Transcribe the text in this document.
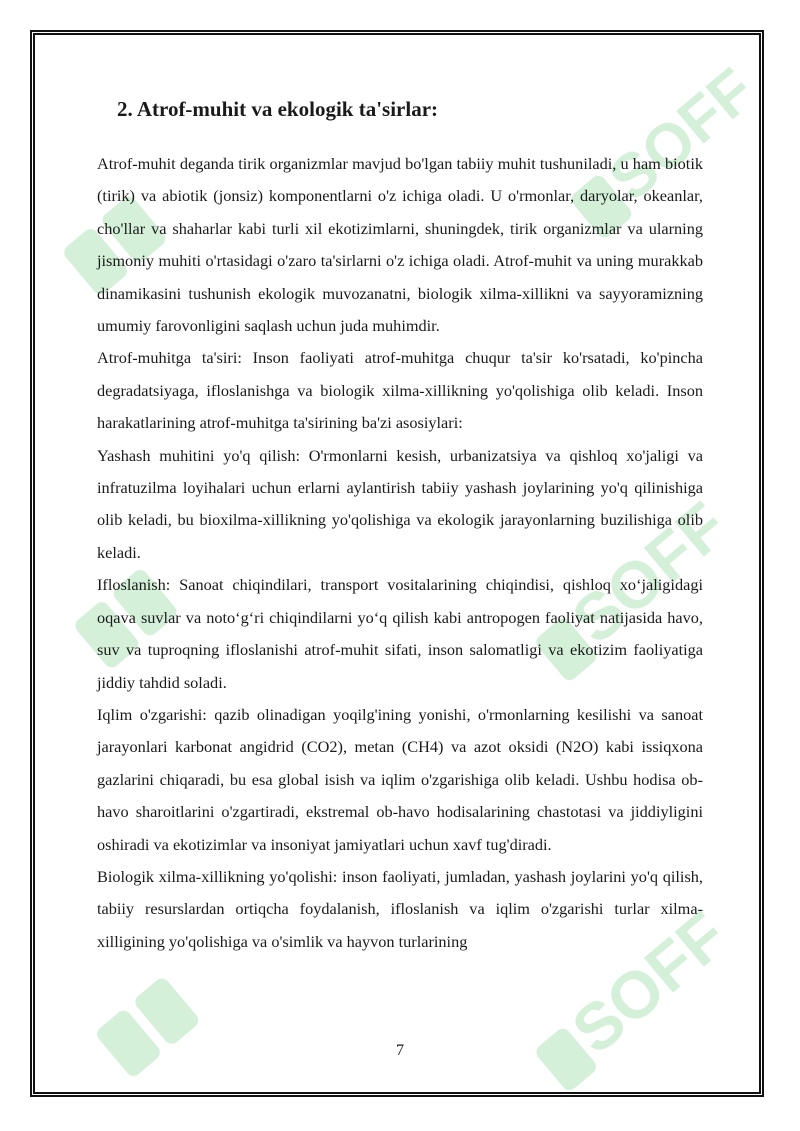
SOFF
SOFF
SOFF
2. Atrof-muhit va ekologik ta'sirlar:

Atrof-muhit deganda tirik organizmlar mavjud bo'lgan tabiiy muhit tushuniladi, u ham biotik (tirik) va abiotik (jonsiz) komponentlarni o'z ichiga oladi. U o'rmonlar, daryolar, okeanlar, cho'llar va shaharlar kabi turli xil ekotizimlarni, shuningdek, tirik organizmlar va ularning jismoniy muhiti o'rtasidagi o'zaro ta'sirlarni o'z ichiga oladi. Atrof-muhit va uning murakkab dinamikasini tushunish ekologik muvozanatni, biologik xilma-xillikni va sayyoramizning umumiy farovonligini saqlash uchun juda muhimdir.

Atrof-muhitga ta'siri: Inson faoliyati atrof-muhitga chuqur ta'sir ko'rsatadi, ko'pincha degradatsiyaga, ifloslanishga va biologik xilma-xillikning yo'qolishiga olib keladi. Inson harakatlarining atrof-muhitga ta'sirining ba'zi asosiylari:

Yashash muhitini yo'q qilish: O'rmonlarni kesish, urbanizatsiya va qishloq xo'jaligi va infratuzilma loyihalari uchun erlarni aylantirish tabiiy yashash joylarining yo'q qilinishiga olib keladi, bu bioxilma-xillikning yo'qolishiga va ekologik jarayonlarning buzilishiga olib keladi.

Ifloslanish: Sanoat chiqindilari, transport vositalarining chiqindisi, qishloq xo‘jaligidagi oqava suvlar va noto‘g‘ri chiqindilarni yo‘q qilish kabi antropogen faoliyat natijasida havo, suv va tuproqning ifloslanishi atrof-muhit sifati, inson salomatligi va ekotizim faoliyatiga jiddiy tahdid soladi.

Iqlim o'zgarishi: qazib olinadigan yoqilg'ining yonishi, o'rmonlarning kesilishi va sanoat jarayonlari karbonat angidrid (CO2), metan (CH4) va azot oksidi (N2O) kabi issiqxona gazlarini chiqaradi, bu esa global isish va iqlim o'zgarishiga olib keladi. Ushbu hodisa ob-havo sharoitlarini o'zgartiradi, ekstremal ob-havo hodisalarining chastotasi va jiddiyligini oshiradi va ekotizimlar va insoniyat jamiyatlari uchun xavf tug'diradi.

Biologik xilma-xillikning yo'qolishi: inson faoliyati, jumladan, yashash joylarini yo'q qilish, tabiiy resurslardan ortiqcha foydalanish, ifloslanish va iqlim o'zgarishi turlar xilma-xilligining yo'qolishiga va o'simlik va hayvon turlarining

7
